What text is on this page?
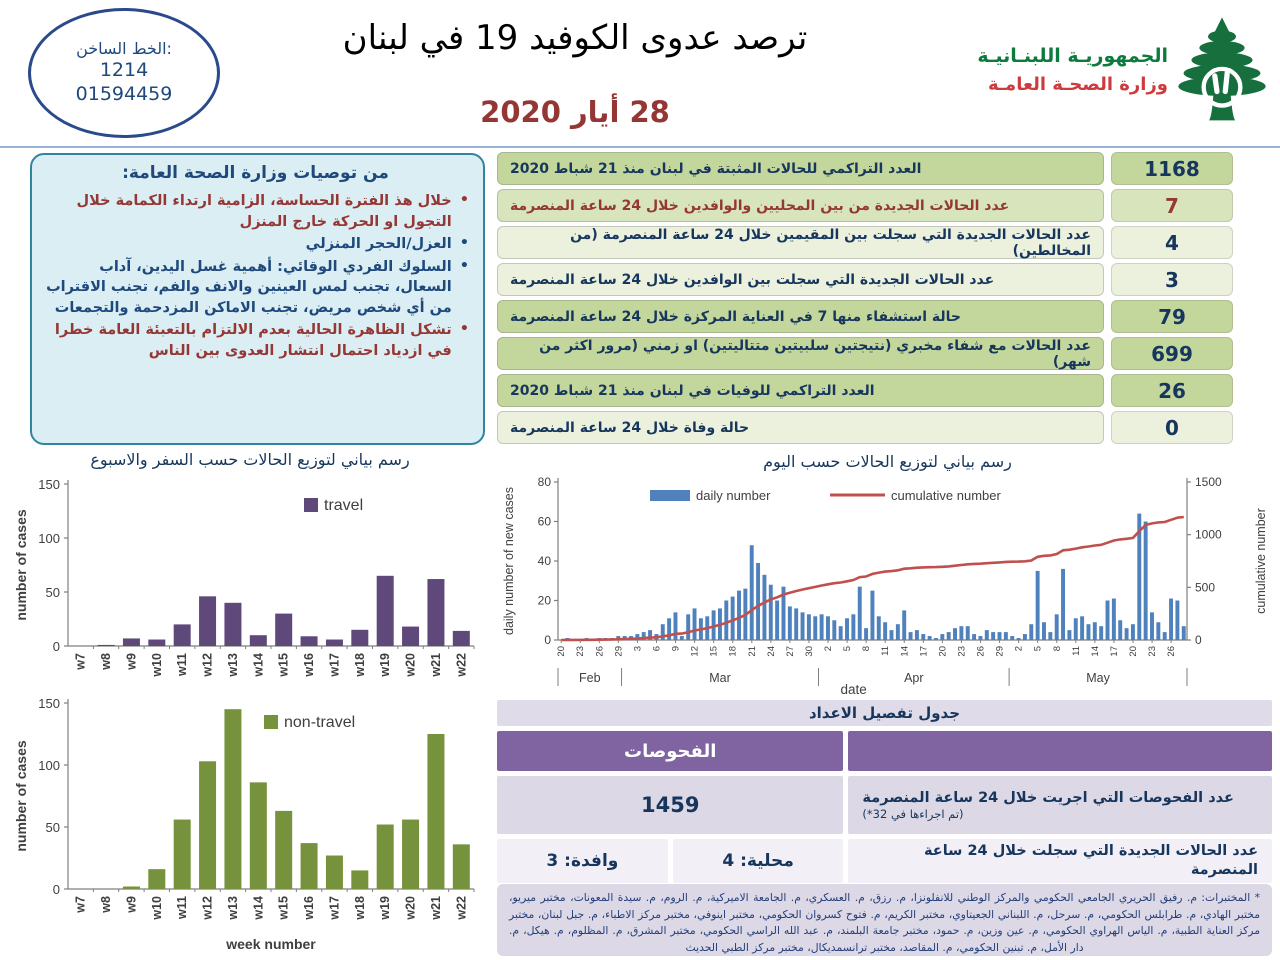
الخط الساخن:
1214
01594459
ترصد عدوى الكوفيد 19 في لبنان
28 أيار 2020
الجمهوريـة اللبنـانيـة
وزارة الصحـة العامـة
من توصيات وزارة الصحة العامة:
•
خلال هذ الفترة الحساسة، الزامية ارتداء الكمامة خلال التجول او الحركة خارج المنزل
•
العزل/الحجر المنزلي
•
السلوك الفردي الوقائي: أهمية غسل اليدين، آداب السعال، تجنب لمس العينين والانف والفم، تجنب الاقتراب من أي شخص مريض، تجنب الاماكن المزدحمة والتجمعات
•
تشكل الظاهرة الحالية بعدم الالتزام بالتعبئة العامة خطرا في ازدياد احتمال انتشار العدوى بين الناس
العدد التراكمي للحالات المثبتة في لبنان منذ 21 شباط 2020	1168
عدد الحالات الجديدة من بين المحليين والوافدين خلال 24 ساعة المنصرمة	7
عدد الحالات الجديدة التي سجلت بين المقيمين خلال 24 ساعة المنصرمة (من المخالطين)	4
عدد الحالات الجديدة التي سجلت بين الوافدين خلال 24 ساعة المنصرمة	3
حالة استشفاء منها 7 في العناية المركزة خلال 24 ساعة المنصرمة	79
عدد الحالات مع شفاء مخبري (نتيجتين سلبيتين متتاليتين) او زمني (مرور اكثر من شهر)	699
العدد التراكمي للوفيات في لبنان منذ 21 شباط 2020	26
حالة وفاة خلال 24 ساعة المنصرمة	0
رسم بياني لتوزيع الحالات حسب السفر والاسبوع
0
50
100
150
w7 w8 w9 w10 w11 w12 w13 w14 w15 w16 w17 w18 w19 w20 w21 w22
number of cases
travel
0
50
100
150
w7 w8 w9 w10 w11 w12 w13 w14 w15 w16 w17 w18 w19 w20 w21 w22
number of cases
week number
non-travel
رسم بياني لتوزيع الحالات حسب اليوم
0
20
40
60
80
0
500
1000
1500
20 23 26 29 3 6 9 12 15 18 21 24 27 30 2 5 8 11 14 17 20 23 26 29 2 5 8 11 14 17 20 23 26
Feb	Mar	Apr	May
date
daily number of new cases	cumulative number
daily number	cumulative number
جدول تفصيل الاعداد
الفحوصات
1459	عدد الفحوصات التي اجريت خلال 24 ساعة المنصرمة
(تم اجراءها في 32*)
وافدة: 3	محلية: 4	عدد الحالات الجديدة التي سجلت خلال 24 ساعة المنصرمة
* المختبرات: م. رفيق الحريري الجامعي الحكومي والمركز الوطني للانفلونزا، م. رزق، م. العسكري، م. الجامعة الاميركية، م. الروم، م. سيدة المعونات، مختبر ميريو، مختبر الهادي، م. طرابلس الحكومي، م. سرحل، م. اللبناني الجعيتاوي، مختبر الكريم، م. فتوح كسروان الحكومي، مختبر اينوفي، مختبر مركز الاطباء، م. جبل لبنان، مختبر مركز العناية الطبية، م. الياس الهراوي الحكومي، م. عين وزين، م. حمود، مختبر جامعة البلمند، م. عبد الله الراسي الحكومي، مختبر المشرق، م. المظلوم، م. هيكل، م. دار الأمل، م. تبنين الحكومي، م. المقاصد، مختبر ترانسمديكال، مختبر مركز الطبي الحديث
